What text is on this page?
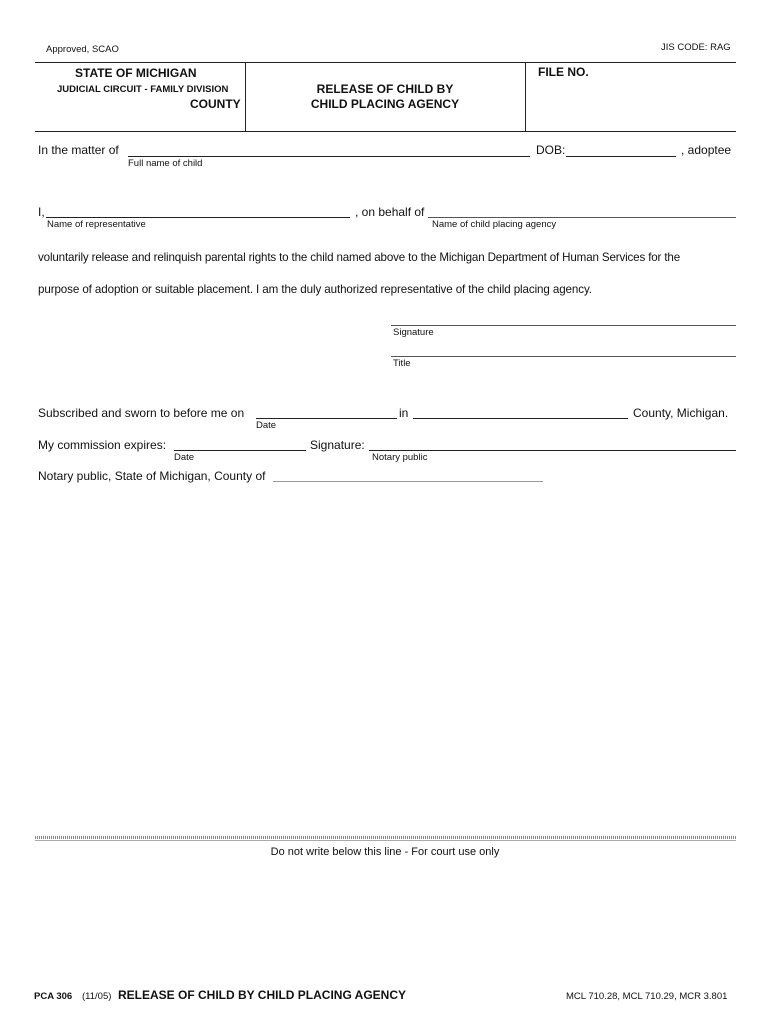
Approved, SCAO	JIS CODE: RAG
STATE OF MICHIGAN
JUDICIAL CIRCUIT - FAMILY DIVISION
COUNTY
RELEASE OF CHILD BY
CHILD PLACING AGENCY
FILE NO.
In the matter of
Full name of child
DOB:	, adoptee
I,
Name of representative
, on behalf of
Name of child placing agency
voluntarily release and relinquish parental rights to the child named above to the Michigan Department of Human Services for the
purpose of adoption or suitable placement. I am the duly authorized representative of the child placing agency.
Signature
Title
Subscribed and sworn to before me on
Date
in	County, Michigan.
My commission expires:
Date
Signature:
Notary public
Notary public, State of Michigan, County of
Do not write below this line - For court use only
PCA 306 (11/05) RELEASE OF CHILD BY CHILD PLACING AGENCY	MCL 710.28, MCL 710.29, MCR 3.801
